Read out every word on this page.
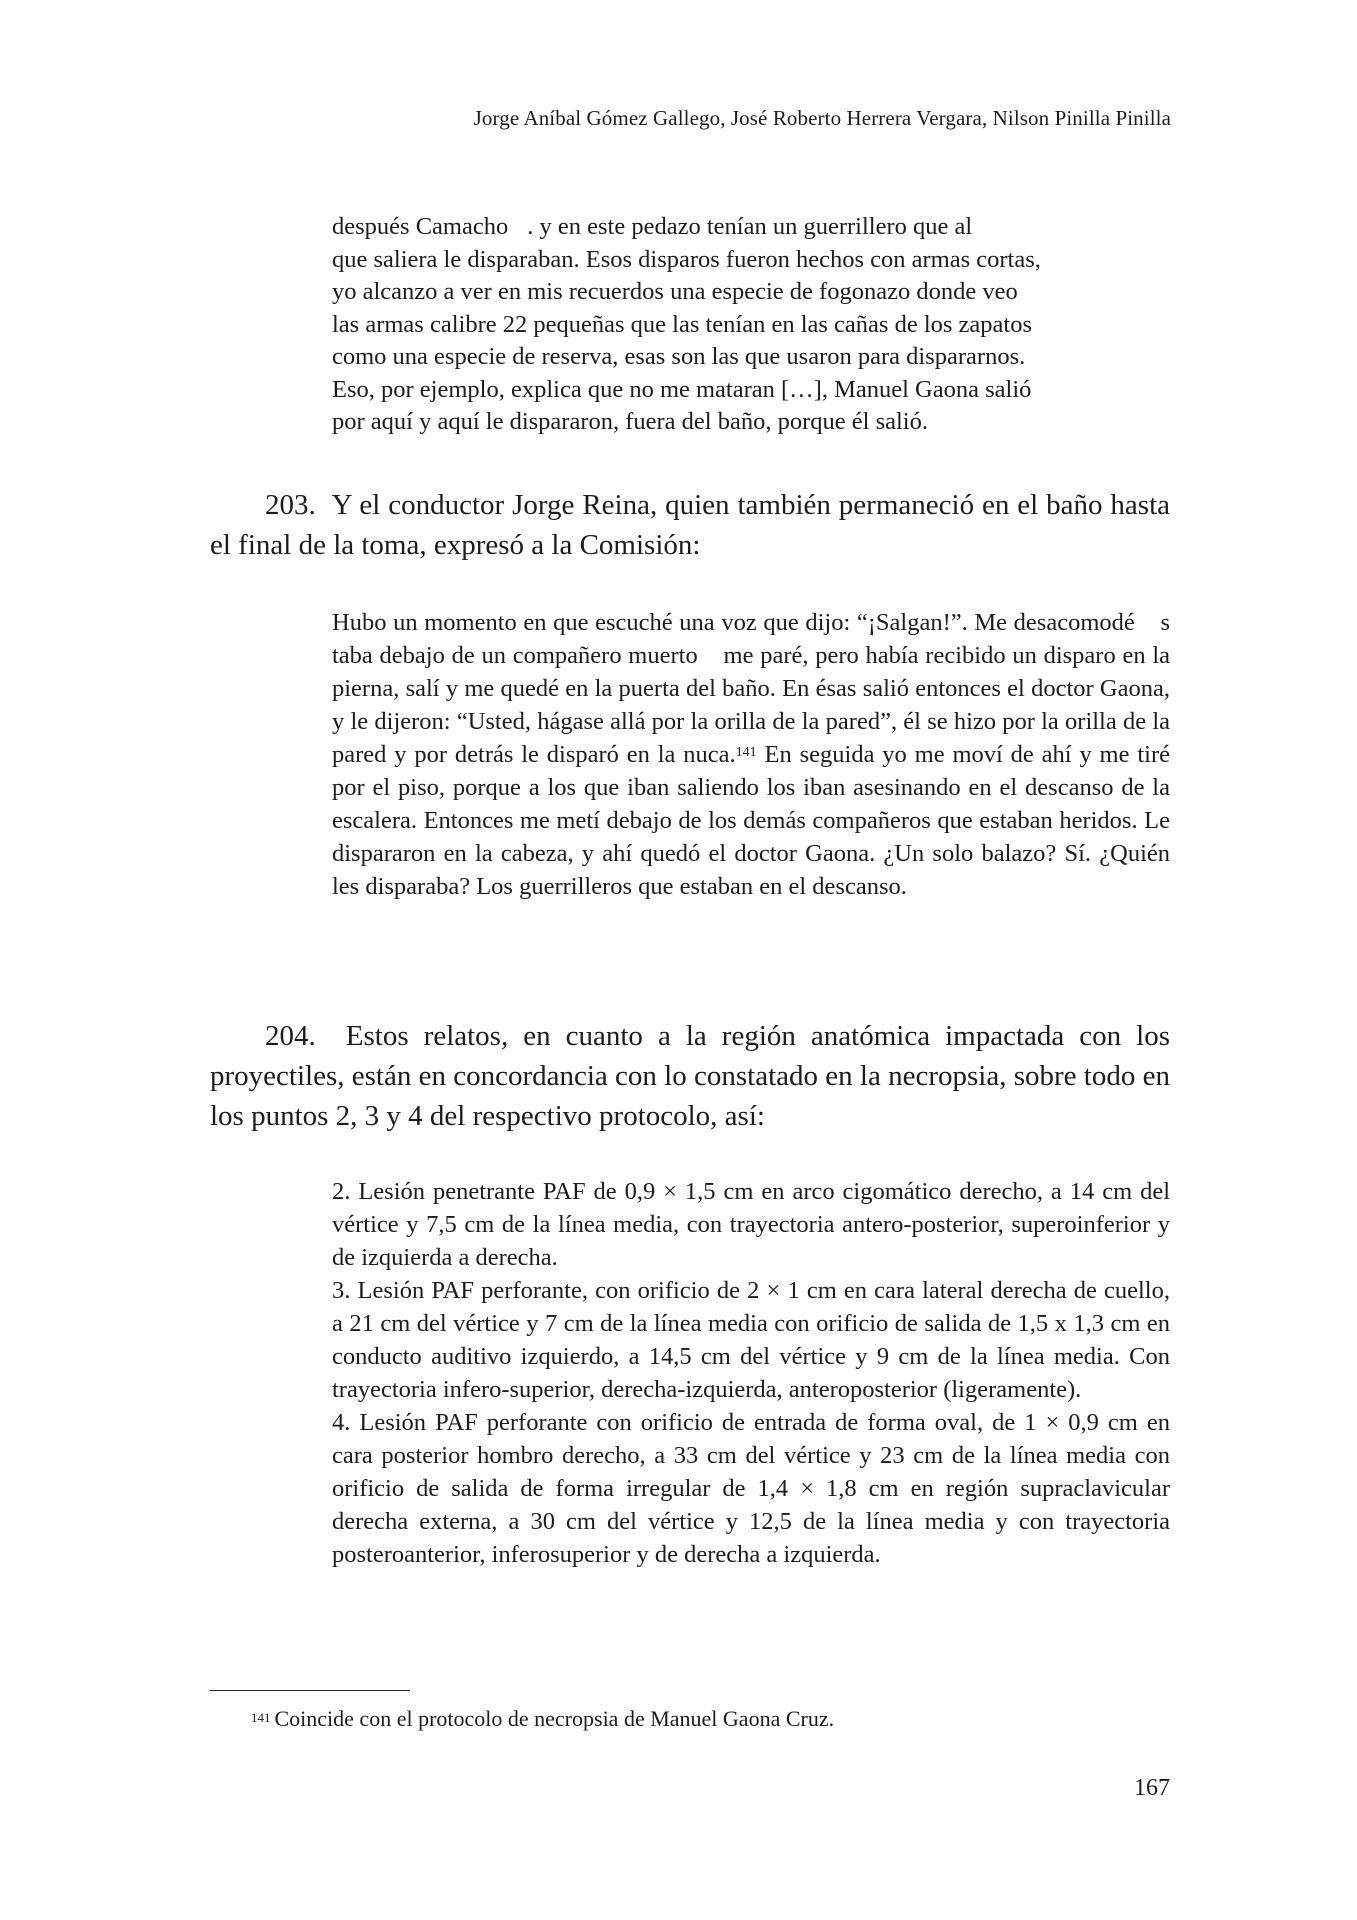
Jorge Aníbal Gómez Gallego, José Roberto Herrera Vergara, Nilson Pinilla Pinilla
después Camacho . y en este pedazo tenían un guerrillero que al
que saliera le disparaban. Esos disparos fueron hechos con armas cortas,
yo alcanzo a ver en mis recuerdos una especie de fogonazo donde veo
las armas calibre 22 pequeñas que las tenían en las cañas de los zapatos
como una especie de reserva, esas son las que usaron para dispararnos.
Eso, por ejemplo, explica que no me mataran […], Manuel Gaona salió
por aquí y aquí le dispararon, fuera del baño, porque él salió.

203. Y el conductor Jorge Reina, quien también permaneció en el baño hasta el final de la toma, expresó a la Comisión:

Hubo un momento en que escuché una voz que dijo: “¡Salgan!”. Me desacomodé  s taba debajo de un compañero muerto  me paré, pero había recibido un disparo en la pierna, salí y me quedé en la puerta del baño. En ésas salió entonces el doctor Gaona, y le dijeron: “Usted, hágase allá por la orilla de la pared”, él se hizo por la orilla de la pared y por detrás le disparó en la nuca.$^{141}$ En seguida yo me moví de ahí y me tiré por el piso, porque a los que iban saliendo los iban asesinando en el descanso de la escalera. Entonces me metí debajo de los demás compañeros que estaban heridos. Le dispararon en la cabeza, y ahí quedó el doctor Gaona. ¿Un solo balazo? Sí. ¿Quién les disparaba? Los guerrilleros que estaban en el descanso.

204. Estos relatos, en cuanto a la región anatómica impactada con los proyectiles, están en concordancia con lo constatado en la necropsia, sobre todo en los puntos 2, 3 y 4 del respectivo protocolo, así:

2. Lesión penetrante PAF de 0,9 × 1,5 cm en arco cigomático derecho, a 14 cm del vértice y 7,5 cm de la línea media, con trayectoria antero-posterior, superoinferior y de izquierda a derecha.

3. Lesión PAF perforante, con orificio de 2 × 1 cm en cara lateral derecha de cuello, a 21 cm del vértice y 7 cm de la línea media con orificio de salida de 1,5 x 1,3 cm en conducto auditivo izquierdo, a 14,5 cm del vértice y 9 cm de la línea media. Con trayectoria infero-superior, derecha-izquierda, anteroposterior (ligeramente).

4. Lesión PAF perforante con orificio de entrada de forma oval, de 1 × 0,9 cm en cara posterior hombro derecho, a 33 cm del vértice y 23 cm de la línea media con orificio de salida de forma irregular de 1,4 × 1,8 cm en región supraclavicular derecha externa, a 30 cm del vértice y 12,5 de la línea media y con trayectoria posteroanterior, inferosuperior y de derecha a izquierda.

$^{141}$ Coincide con el protocolo de necropsia de Manuel Gaona Cruz.
167
